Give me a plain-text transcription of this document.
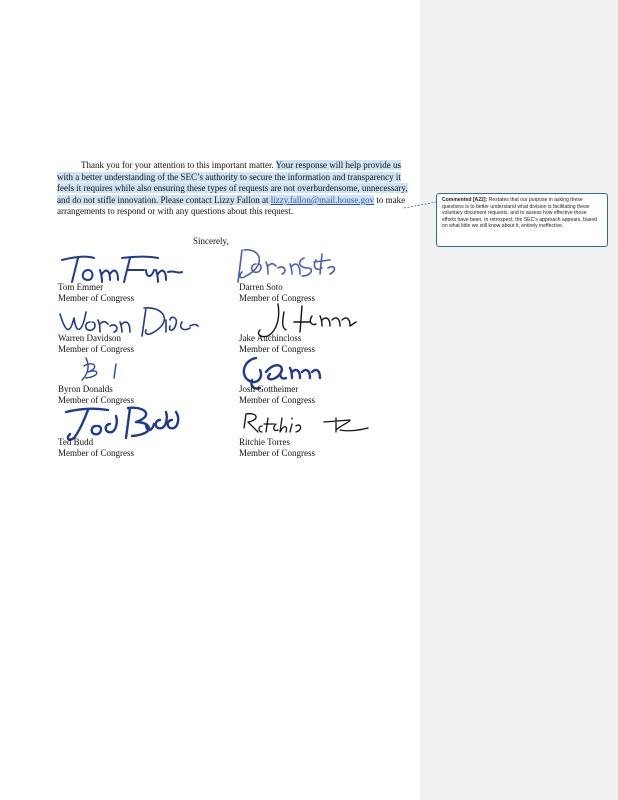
Thank you for your attention to this important matter. Your response will help provide us with a better understanding of the SEC’s authority to secure the information and transparency it feels it requires while also ensuring these types of requests are not overburdensome, unnecessary, and do not stifle innovation. Please contact Lizzy Fallon at lizzy.fallon@mail.house.gov to make arrangements to respond or with any questions about this request.
Sincerely,
Tom Emmer
Member of Congress
Darren Soto
Member of Congress
Warren Davidson
Member of Congress
Jake Auchincloss
Member of Congress
Byron Donalds
Member of Congress
Josh Gottheimer
Member of Congress
Ted Budd
Member of Congress
Ritchie Torres
Member of Congress
Commented [A22]: Restates that our purpose in asking these questions is to better understand what division is facilitating these voluntary document requests, and to assess how effective those efforts have been. In retrospect, the SEC’s approach appears, based on what little we still know about it, entirely ineffective.
